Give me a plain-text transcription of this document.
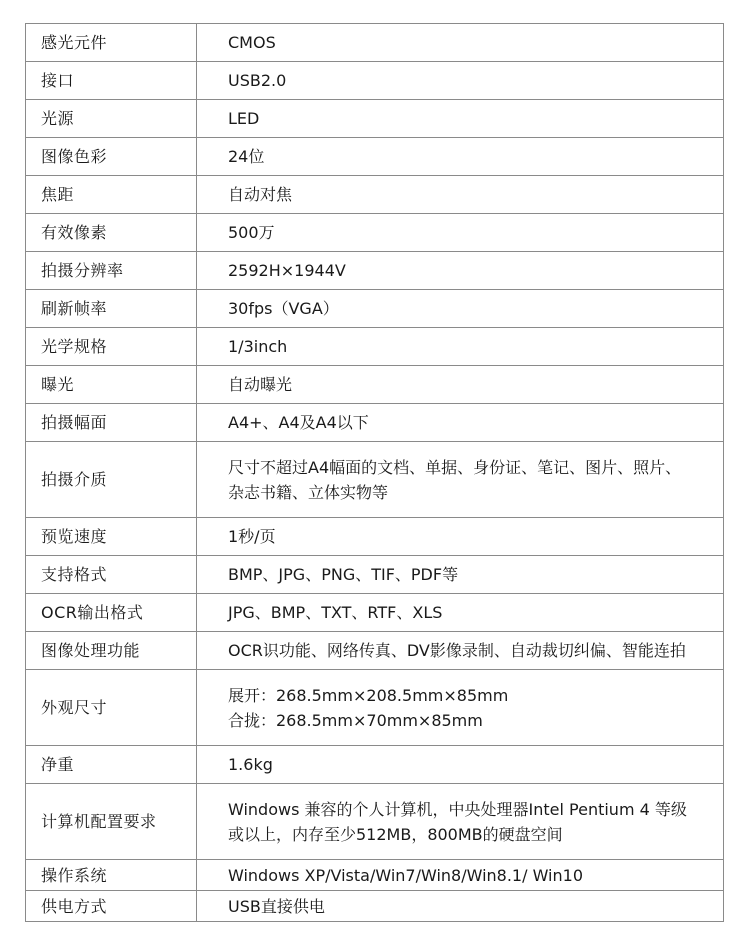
感光元件	CMOS

接口	USB2.0

光源	LED

图像色彩	24位

焦距	自动对焦

有效像素	500万

拍摄分辨率	2592H×1944V

刷新帧率	30fps（VGA）

光学规格	1/3inch

曝光	自动曝光

拍摄幅面	A4+、A4及A4以下

拍摄介质	尺寸不超过A4幅面的文档、单据、身份证、笔记、图片、照片、
杂志书籍、立体实物等

预览速度	1秒/页

支持格式	BMP、JPG、PNG、TIF、PDF等

OCR输出格式	JPG、BMP、TXT、RTF、XLS

图像处理功能	OCR识功能、网络传真、DV影像录制、自动裁切纠偏、智能连拍

外观尺寸	展开：268.5mm×208.5mm×85mm
合拢：268.5mm×70mm×85mm

净重	1.6kg

计算机配置要求	Windows 兼容的个人计算机，中央处理器Intel Pentium 4 等级
或以上，内存至少512MB，800MB的硬盘空间

操作系统	Windows XP/Vista/Win7/Win8/Win8.1/ Win10

供电方式	USB直接供电
